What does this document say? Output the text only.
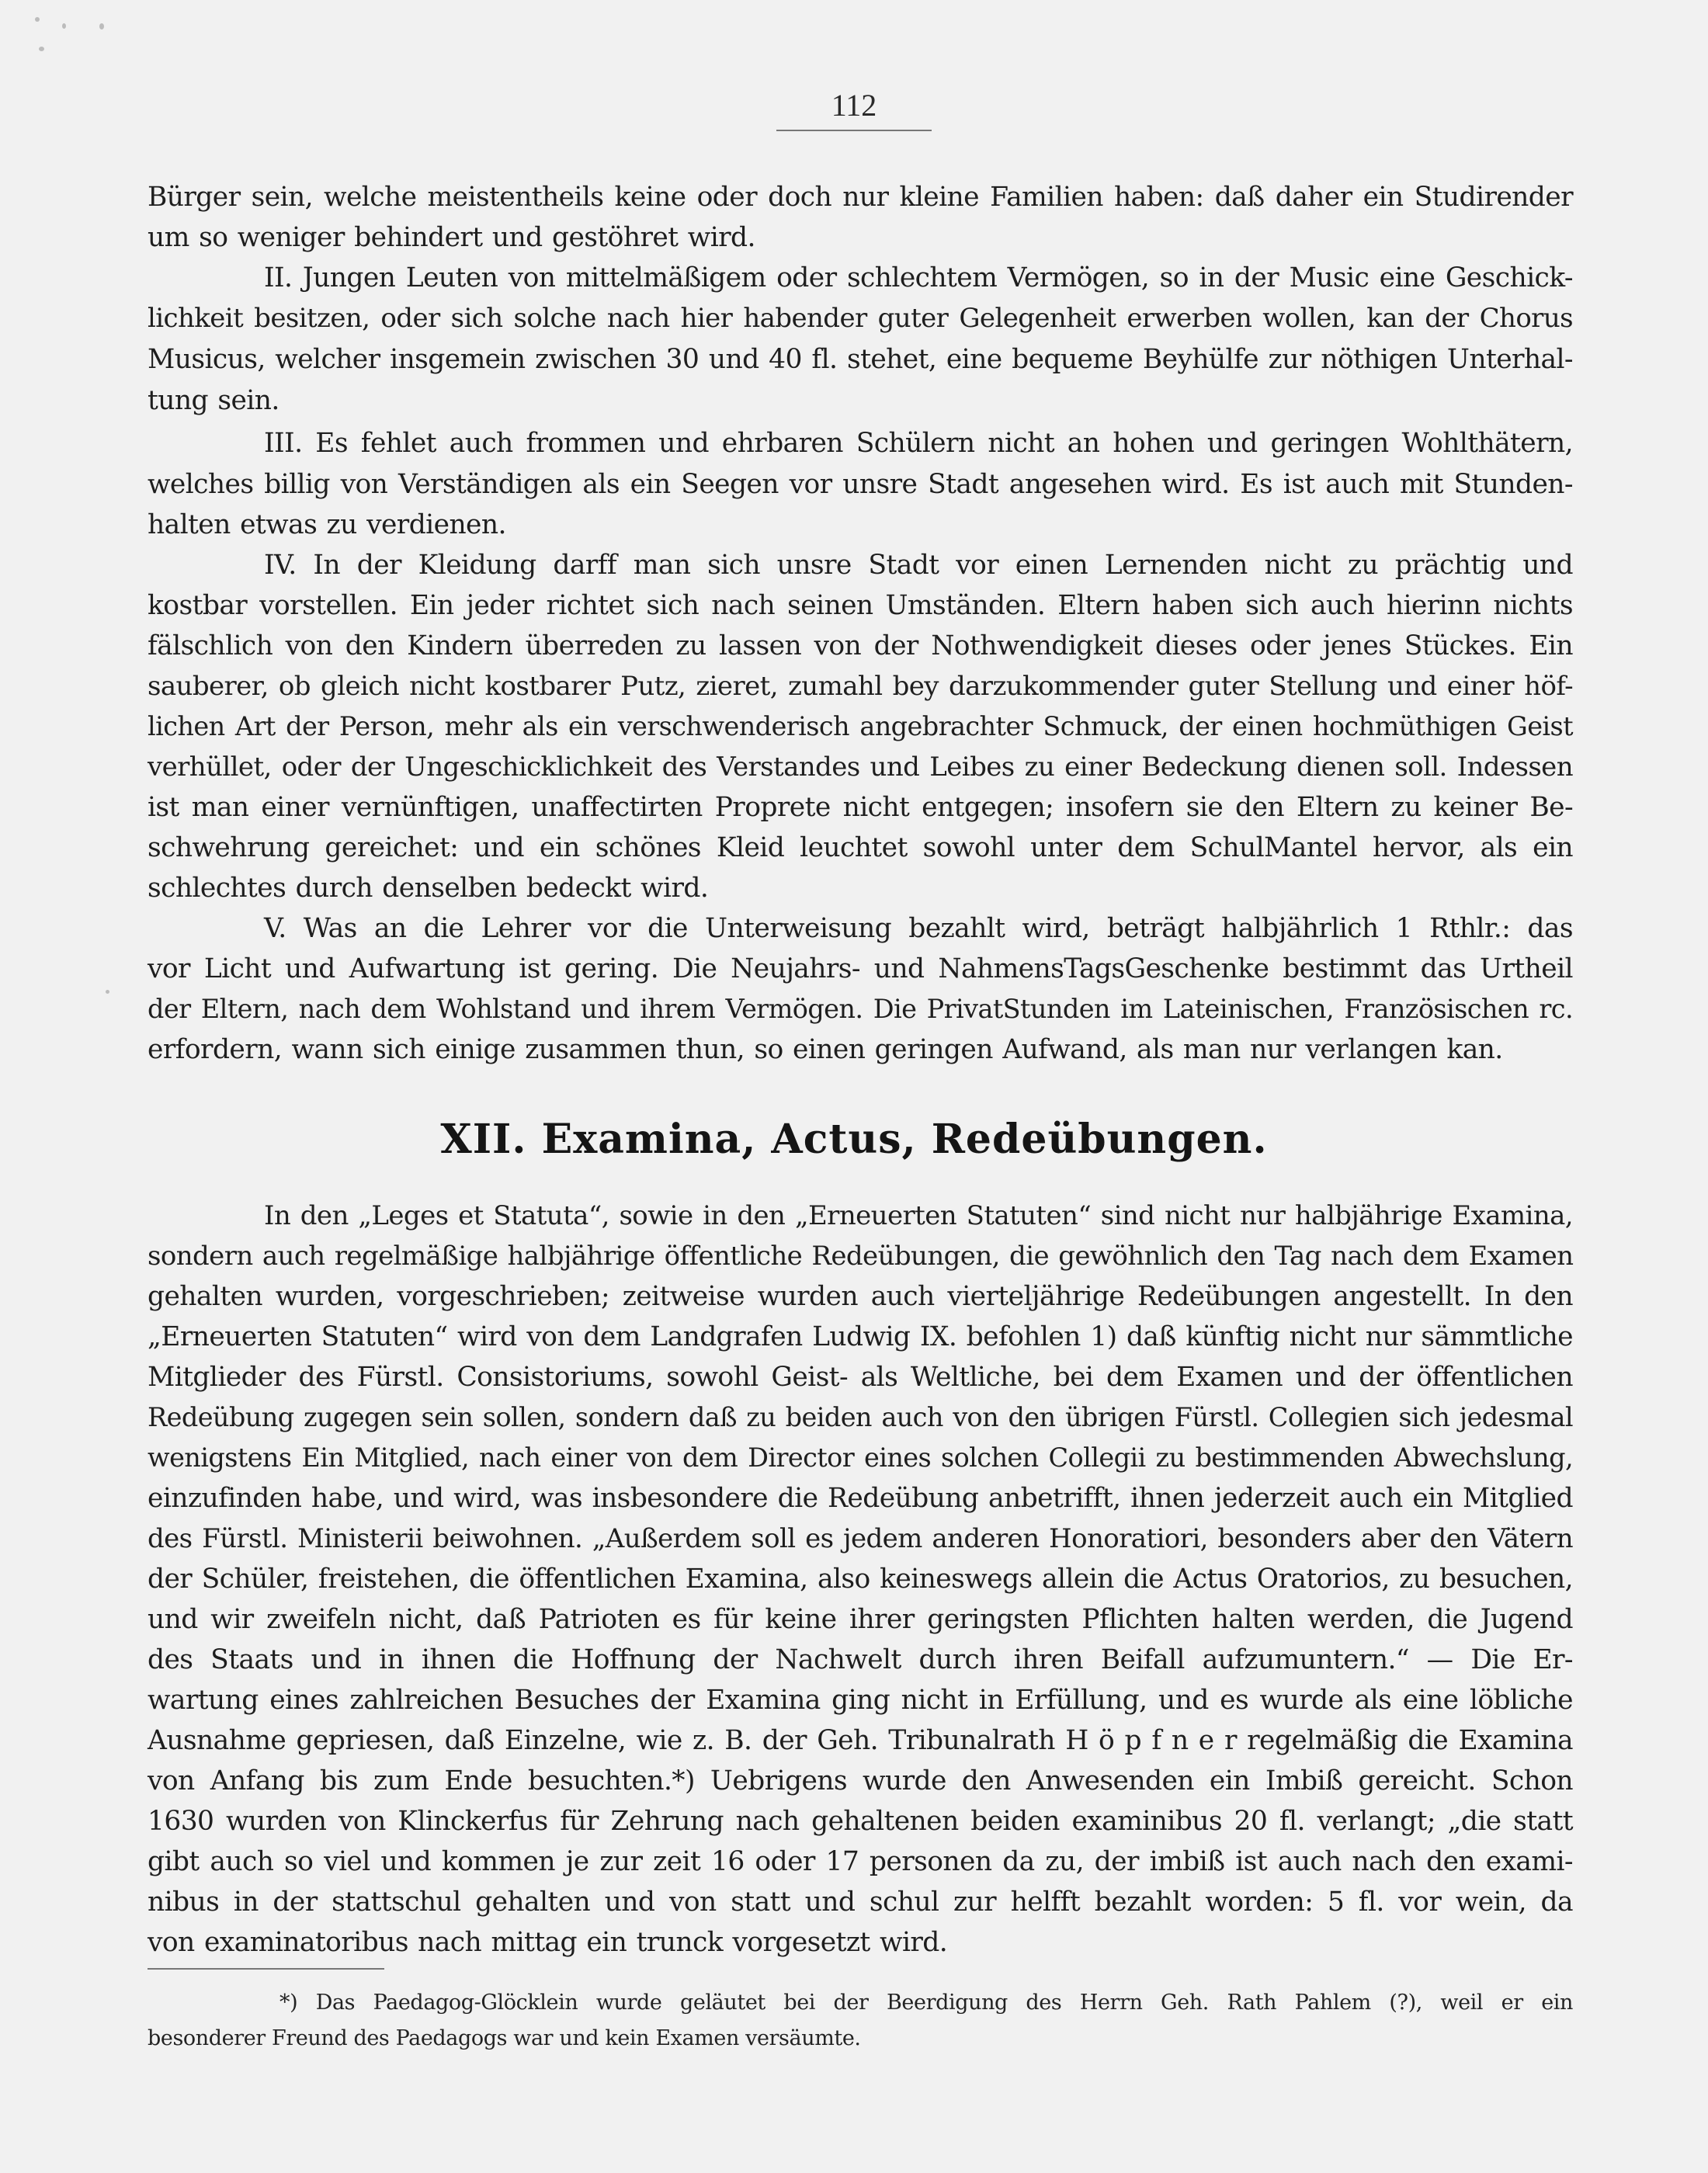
112
Bürger sein, welche meistentheils keine oder doch nur kleine Familien haben: daß daher ein Studirender
um so weniger behindert und gestöhret wird.
II. Jungen Leuten von mittelmäßigem oder schlechtem Vermögen, so in der Music eine Geschick-
lichkeit besitzen, oder sich solche nach hier habender guter Gelegenheit erwerben wollen, kan der Chorus
Musicus, welcher insgemein zwischen 30 und 40 fl. stehet, eine bequeme Beyhülfe zur nöthigen Unterhal-
tung sein.
III. Es fehlet auch frommen und ehrbaren Schülern nicht an hohen und geringen Wohlthätern,
welches billig von Verständigen als ein Seegen vor unsre Stadt angesehen wird. Es ist auch mit Stunden-
halten etwas zu verdienen.
IV. In der Kleidung darff man sich unsre Stadt vor einen Lernenden nicht zu prächtig und
kostbar vorstellen. Ein jeder richtet sich nach seinen Umständen. Eltern haben sich auch hierinn nichts
fälschlich von den Kindern überreden zu lassen von der Nothwendigkeit dieses oder jenes Stückes. Ein
sauberer, ob gleich nicht kostbarer Putz, zieret, zumahl bey darzukommender guter Stellung und einer höf-
lichen Art der Person, mehr als ein verschwenderisch angebrachter Schmuck, der einen hochmüthigen Geist
verhüllet, oder der Ungeschicklichkeit des Verstandes und Leibes zu einer Bedeckung dienen soll. Indessen
ist man einer vernünftigen, unaffectirten Proprete nicht entgegen; insofern sie den Eltern zu keiner Be-
schwehrung gereichet: und ein schönes Kleid leuchtet sowohl unter dem SchulMantel hervor, als ein
schlechtes durch denselben bedeckt wird.
V. Was an die Lehrer vor die Unterweisung bezahlt wird, beträgt halbjährlich 1 Rthlr.: das
vor Licht und Aufwartung ist gering. Die Neujahrs- und NahmensTagsGeschenke bestimmt das Urtheil
der Eltern, nach dem Wohlstand und ihrem Vermögen. Die PrivatStunden im Lateinischen, Französischen rc.
erfordern, wann sich einige zusammen thun, so einen geringen Aufwand, als man nur verlangen kan.
XII. Examina, Actus, Redeübungen.
In den „Leges et Statuta“, sowie in den „Erneuerten Statuten“ sind nicht nur halbjährige Examina,
sondern auch regelmäßige halbjährige öffentliche Redeübungen, die gewöhnlich den Tag nach dem Examen
gehalten wurden, vorgeschrieben; zeitweise wurden auch vierteljährige Redeübungen angestellt. In den
„Erneuerten Statuten“ wird von dem Landgrafen Ludwig IX. befohlen 1) daß künftig nicht nur sämmtliche
Mitglieder des Fürstl. Consistoriums, sowohl Geist- als Weltliche, bei dem Examen und der öffentlichen
Redeübung zugegen sein sollen, sondern daß zu beiden auch von den übrigen Fürstl. Collegien sich jedesmal
wenigstens Ein Mitglied, nach einer von dem Director eines solchen Collegii zu bestimmenden Abwechslung,
einzufinden habe, und wird, was insbesondere die Redeübung anbetrifft, ihnen jederzeit auch ein Mitglied
des Fürstl. Ministerii beiwohnen. „Außerdem soll es jedem anderen Honoratiori, besonders aber den Vätern
der Schüler, freistehen, die öffentlichen Examina, also keineswegs allein die Actus Oratorios, zu besuchen,
und wir zweifeln nicht, daß Patrioten es für keine ihrer geringsten Pflichten halten werden, die Jugend
des Staats und in ihnen die Hoffnung der Nachwelt durch ihren Beifall aufzumuntern.“ — Die Er-
wartung eines zahlreichen Besuches der Examina ging nicht in Erfüllung, und es wurde als eine löbliche
Ausnahme gepriesen, daß Einzelne, wie z. B. der Geh. Tribunalrath H ö p f n e r regelmäßig die Examina
von Anfang bis zum Ende besuchten.*) Uebrigens wurde den Anwesenden ein Imbiß gereicht. Schon
1630 wurden von Klinckerfus für Zehrung nach gehaltenen beiden examinibus 20 fl. verlangt; „die statt
gibt auch so viel und kommen je zur zeit 16 oder 17 personen da zu, der imbiß ist auch nach den exami-
nibus in der stattschul gehalten und von statt und schul zur helfft bezahlt worden: 5 fl. vor wein, da
von examinatoribus nach mittag ein trunck vorgesetzt wird.
*) Das Paedagog-Glöcklein wurde geläutet bei der Beerdigung des Herrn Geh. Rath Pahlem (?), weil er ein
besonderer Freund des Paedagogs war und kein Examen versäumte.
